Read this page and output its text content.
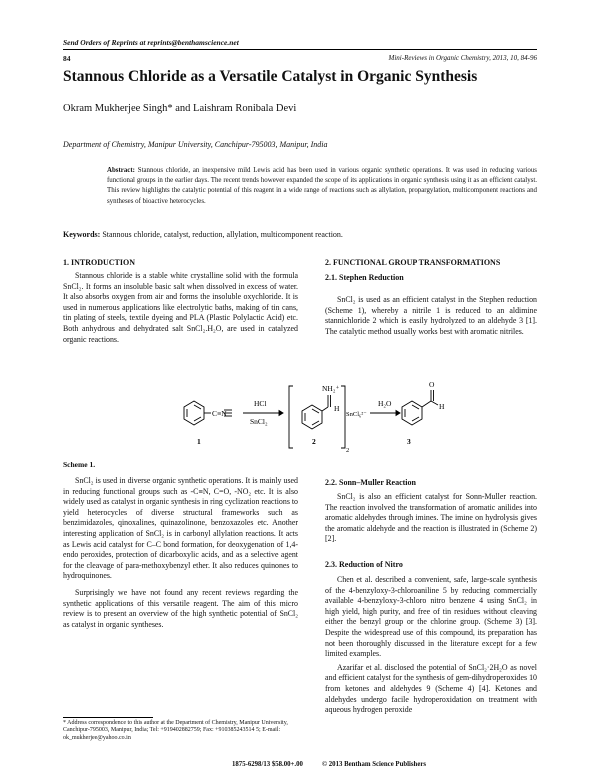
Send Orders of Reprints at reprints@benthamscience.net
84	Mini-Reviews in Organic Chemistry, 2013, 10, 84-96
Stannous Chloride as a Versatile Catalyst in Organic Synthesis
Okram Mukherjee Singh* and Laishram Ronibala Devi
Department of Chemistry, Manipur University, Canchipur-795003, Manipur, India
Abstract: Stannous chloride, an inexpensive mild Lewis acid has been used in various organic synthetic operations. It was used in reducing various functional groups in the earlier days. The recent trends however expanded the scope of its applications in organic synthesis using it as an efficient catalyst. This review highlights the catalytic potential of this reagent in a wide range of reactions such as allylation, propargylation, multicomponent reactions and syntheses of bioactive heterocycles.
Keywords: Stannous chloride, catalyst, reduction, allylation, multicomponent reaction.
1. INTRODUCTION

Stannous chloride is a stable white crystalline solid with the formula SnCl₂. It forms an insoluble basic salt when dissolved in excess of water. It also absorbs oxygen from air and forms the insoluble oxychloride. It is used in numerous applications like electrolytic baths, making of tin cans, tin plating of steels, textile dyeing and PLA (Plastic Polylactic Acid) etc. Both anhydrous and dehydrated salt SnCl₂.H₂O, are used in catalyzed organic reactions.

2. FUNCTIONAL GROUP TRANSFORMATIONS
2.1. Stephen Reduction

SnCl₂ is used as an efficient catalyst in the Stephen reduction (Scheme 1), whereby a nitrile 1 is reduced to an aldimine stannichloride 2 which is easily hydrolyzed to an aldehyde 3 [1]. The catalytic method usually works best with aromatic nitriles.

C≡N
HCl
SnCl₂
NH₂⁺
H
SnCl₆²⁻
2
H₂O
O
H
1	2	3
Scheme 1.

SnCl₂ is used in diverse organic synthetic operations. It is mainly used in reducing functional groups such as -C≡N, C=O, -NO₂ etc. It is also widely used as catalyst in organic synthesis in ring cyclization reactions to yield heterocycles of diverse structural frameworks such as benzimidazoles, qinoxalines, quinazolinone, benzoxazoles etc. Another interesting application of SnCl₂ is in carbonyl allylation reactions. It acts as Lewis acid catalyst for C–C bond formation, for deoxygenation of 1,4-endo peroxides, protection of dicarboxylic acids, and as a selective agent for the cleavage of para-methoxybenzyl ether. It also reduces quinones to hydroquinones.

Surprisingly we have not found any recent reviews regarding the synthetic applications of this versatile reagent. The aim of this micro review is to present an overview of the high synthetic potential of SnCl₂ as catalyst in organic syntheses.

2.2. Sonn–Muller Reaction

SnCl₂ is also an efficient catalyst for Sonn-Muller reaction. The reaction involved the transformation of aromatic anilides into aromatic aldehydes through imines. The imine on hydrolysis gives the aromatic aldehyde and the reaction is illustrated in (Scheme 2) [2].

2.3. Reduction of Nitro

Chen et al. described a convenient, safe, large-scale synthesis of the 4-benzyloxy-3-chloroaniline 5 by reducing commercially available 4-benzyloxy-3-chloro nitro benzene 4 using SnCl₂ in high yield, high purity, and free of tin residues without cleaving either the benzyl group or the chlorine group. (Scheme 3) [3]. Despite the widespread use of this compound, its preparation has not been thoroughly discussed in the literature except for a few limited examples.

Azarifar et al. disclosed the potential of SnCl₂·2H₂O as novel and efficient catalyst for the synthesis of gem-dihydroperoxides 10 from ketones and aldehydes 9 (Scheme 4) [4]. Ketones and aldehydes undergo facile hydroperoxidation on treatment with aqueous hydrogen peroxide

* Address correspondence to this author at the Department of Chemistry, Manipur University, Canchipur-795003, Manipur, India; Tel: +919402882759; Fax: +910385243514 5; E-mail: ok_mukherjee@yahoo.co.in
1875-6298/13 $58.00+.00	© 2013 Bentham Science Publishers
